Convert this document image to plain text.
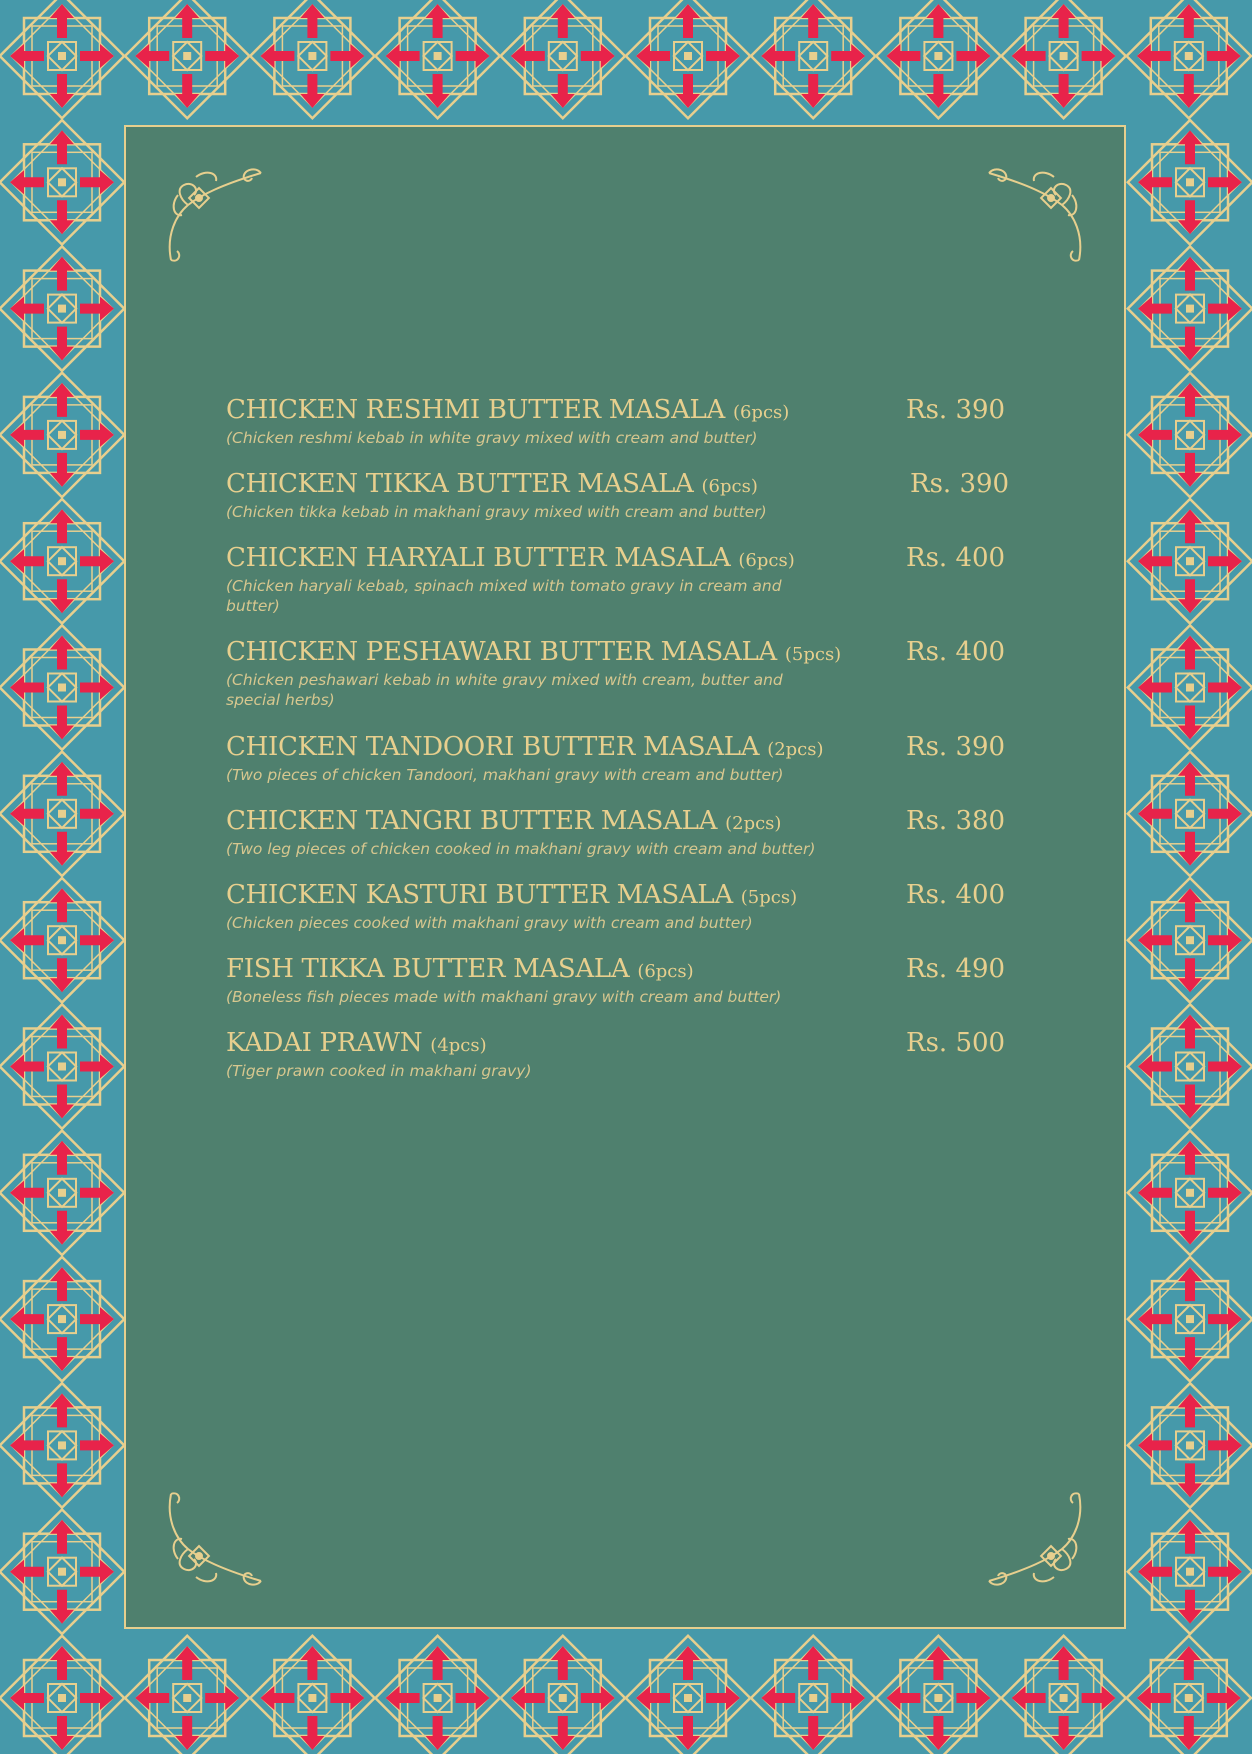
CHICKEN RESHMI BUTTER MASALA (6pcs)	Rs. 390
(Chicken reshmi kebab in white gravy mixed with cream and butter)
CHICKEN TIKKA BUTTER MASALA (6pcs)	Rs. 390
(Chicken tikka kebab in makhani gravy mixed with cream and butter)
CHICKEN HARYALI BUTTER MASALA (6pcs)	Rs. 400
(Chicken haryali kebab, spinach mixed with tomato gravy in cream and butter)
CHICKEN PESHAWARI BUTTER MASALA (5pcs)	Rs. 400
(Chicken peshawari kebab in white gravy mixed with cream, butter and special herbs)
CHICKEN TANDOORI BUTTER MASALA (2pcs)	Rs. 390
(Two pieces of chicken Tandoori, makhani gravy with cream and butter)
CHICKEN TANGRI BUTTER MASALA (2pcs)	Rs. 380
(Two leg pieces of chicken cooked in makhani gravy with cream and butter)
CHICKEN KASTURI BUTTER MASALA (5pcs)	Rs. 400
(Chicken pieces cooked with makhani gravy with cream and butter)
FISH TIKKA BUTTER MASALA (6pcs)	Rs. 490
(Boneless fish pieces made with makhani gravy with cream and butter)
KADAI PRAWN (4pcs)	Rs. 500
(Tiger prawn cooked in makhani gravy)
